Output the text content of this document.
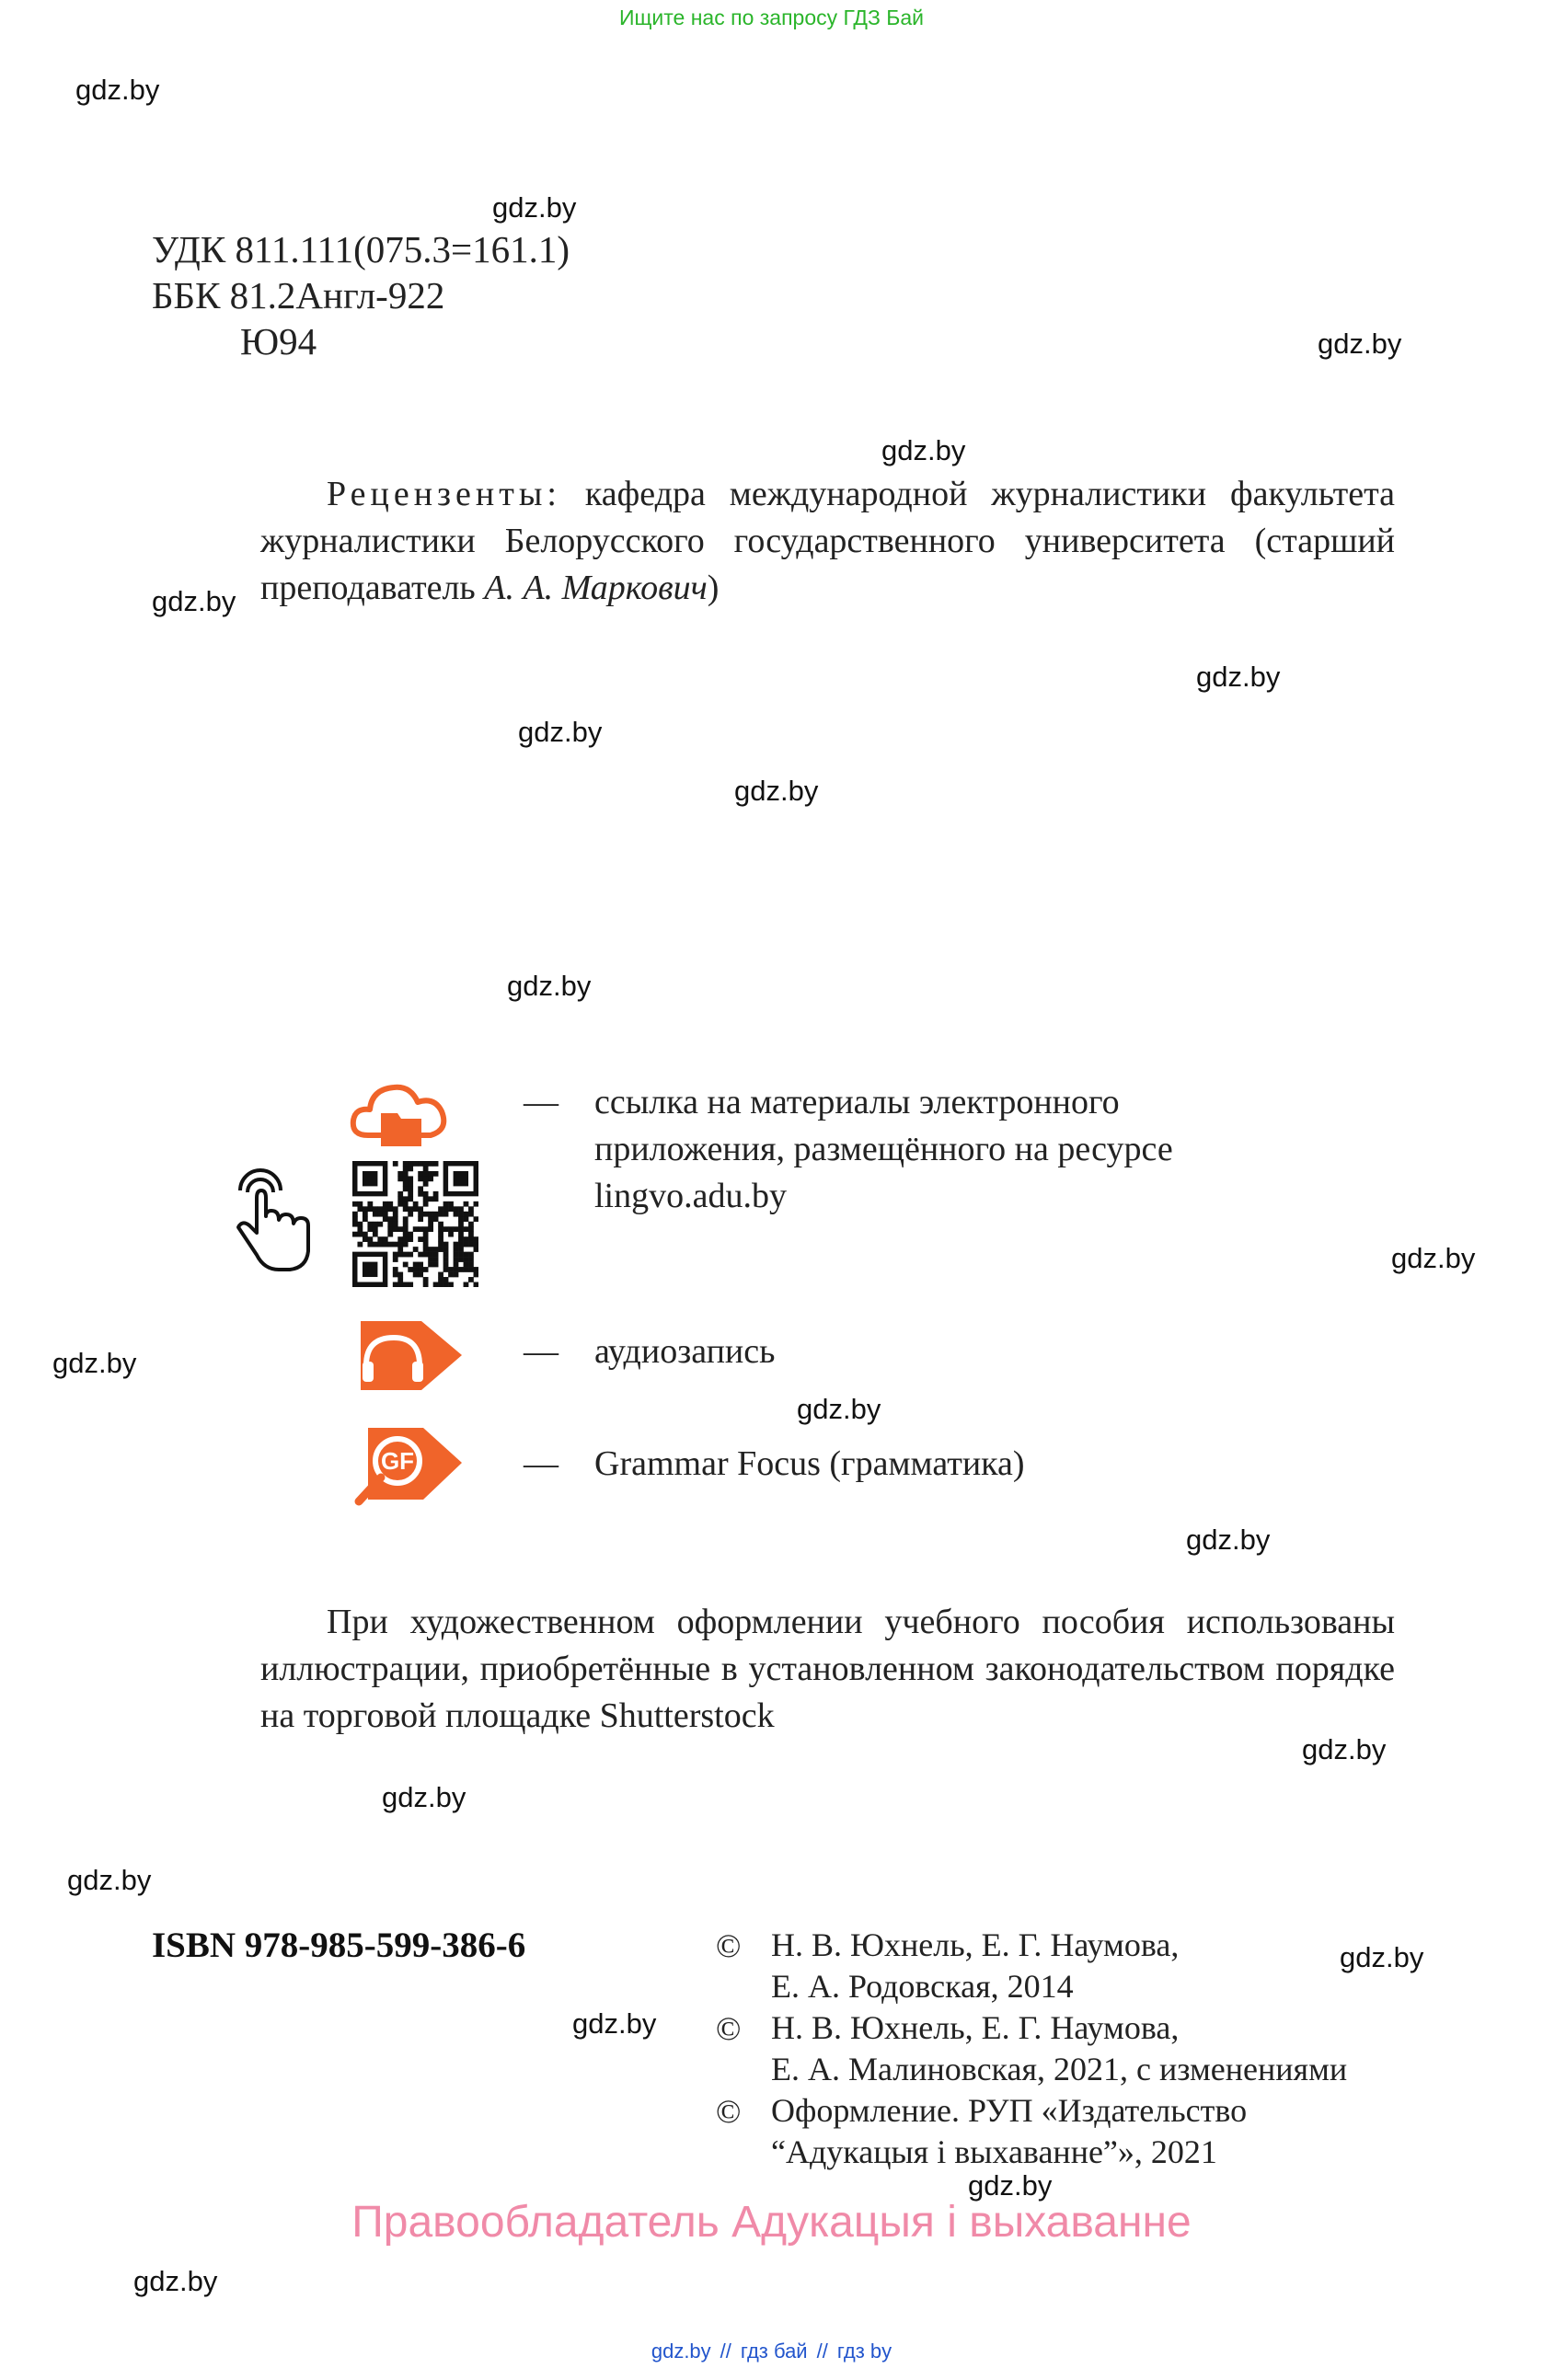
Ищите нас по запросу ГДЗ Бай
gdz.by
gdz.by
gdz.by
gdz.by
gdz.by
gdz.by
gdz.by
gdz.by
gdz.by
gdz.by
gdz.by
gdz.by
gdz.by
gdz.by
gdz.by
gdz.by
gdz.by
gdz.by
gdz.by
gdz.by
УДК 811.111(075.3=161.1)
ББК 81.2Англ-922
Ю94
Рецензенты: кафедра международной журналистики факультета журналистики Белорусского государственного университета (старший преподаватель А. А. Маркович)
— ссылка на материалы электронного
приложения, размещённого на ресурсе
lingvo.adu.by
— аудиозапись
GF	— Grammar Focus (грамматика)
При художественном оформлении учебного пособия использованы иллюстрации, приобретённые в установленном законодательством порядке на торговой площадке Shutterstock
ISBN 978-985-599-386-6	© Н. В. Юхнель, Е. Г. Наумова,
Е. А. Родовская, 2014
© Н. В. Юхнель, Е. Г. Наумова,
Е. А. Малиновская, 2021, с изменениями
© Оформление. РУП «Издательство
“Адукацыя і выхаванне”», 2021
Правообладатель Адукацыя і выхаванне
gdz.by // гдз бай // гдз by
